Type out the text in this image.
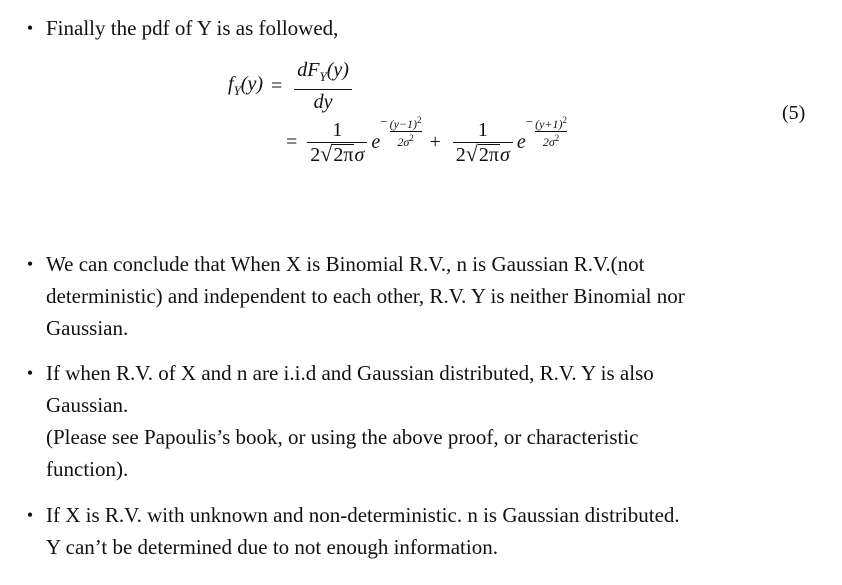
• Finally the pdf of Y is as followed,
$f_Y(y) = \frac{dF_Y(y)}{dy}$
= $\frac{1}{\text{2 √ 2π σ}}$ e
− $\frac{(y-1)^2}{2\sigma^2} + \frac{1}{\text{2 √ 2π σ}}$ e
− $\frac{(y+1)^2}{2\sigma^2}$
(5)
• We can conclude that When X is Binomial R.V., n is Gaussian R.V.(not
deterministic) and independent to each other, R.V. Y is neither Binomial nor
Gaussian.
• If when R.V. of X and n are i.i.d and Gaussian distributed, R.V. Y is also
Gaussian.
(Please see Papoulis’s book, or using the above proof, or characteristic
function).
• If X is R.V. with unknown and non-deterministic. n is Gaussian distributed.
Y can’t be determined due to not enough information.
